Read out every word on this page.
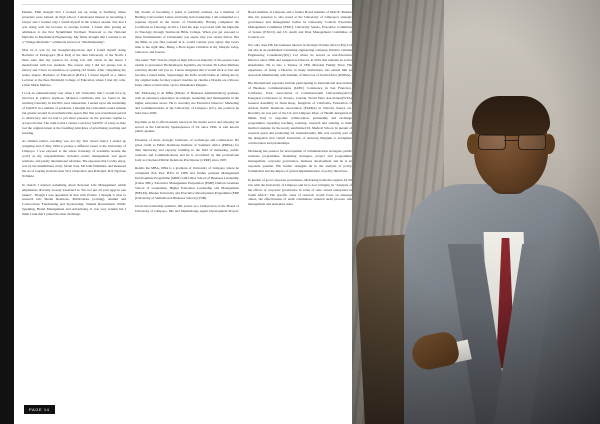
Phansk. Emil thought that I worked out up being at Stallberg where jeweelers were trained. At high school, I developed interest in becoming a lawyer and I wonder why I found myself in the science stream. Not that I was doing well but because in average format. I found after getting an admission to the first Nelumbium Northern Transvaal so the National Diploma in Mechanical Engineering. My father thought that I wanted to be a "Village Mechanic" commonly known as "Machinhauting".

May be it was by the thoughts/objections that I found myself doing Bachelor of Pedagogics (B.A Ped) at the then University of the North. I must state that my passion for doing law still exists in me hence I made/found with law students. The reason why I did not pursue law is history and I have no intention of opening old rituals. After completing my senior degree, Bachelor of Education (B.Ed.), I found myself as a Junior Lecturer at the then Mothaidji College of Education where I met my wife, Lilian Marie Mafoko.

I took an unintentionally tour when I left University that I would love by involved in politics anymore. Material conditions that we found in the teaching fraternity in late 80's were unbearable. I ended up in the leadership of SADTU in a number of positions. I thought my radicalism would subside but greater-eroded in an unbelievable speed. But that was transitional period to democracy and we had to put more pressure on the previous regime to accept reforms. The truth is that I cannot vouch for SADTU of today as they lost the original intent at the founding principles of prioritising teaching and learning.

As alluded earlier, teaching was not my first choice hence I ended up resigning end of May 1994 to pursue a different career at the University of Limpopo. I was exposed to the whole fraternity of academia around the world as my responsibilities included events management and guest relations, and purely international relations. The exposure that I today enjoy, was by the mindfulness of my fortuit boss, Mr John Wilkshire, and mastered the art of touring from the then Vice Chancellor and Principal, Prof Ngobole Nchitule.

In church I learned something about Personal Life Management which emphasizes diversity loosely translated as "Do not put all your eggs in one basket". Though I was appointed in that with Events, I thought it wise to research into Media Relations, Publications (writing), Alumni and Convocation, Fundraising and Sponsorship, Student Recruitment, Public Speaking, Brand Management and Advertising. It was very solemn but I think I said that I joined the then challenge.

My dream of becoming a priest is partially realised. As a member of Healing Convocation Centre and being in its leadership, I am compelled to a separate myself in the issues of Christianity. Having completed the Certificate in Theology in 2011, I had the urge to proceed with the Diploma in Theology through Teamwork Bible College. When you get exposed to these fundamentals of Christianity you aspire why you cannot fellow. But the Bible as you find yourself in it, would console your agony that God's time is the right time. Being a Born Again Christian is my lifestyle today, tomorrow and forever.

The name "MC" had its origin at high school as majority of the people were unable to pronounce Hodisamayan Kgolima, my brother Dr Lehan Muthola said they should call you so. I never imagined that it would stick so fast and become a brand name. Surprisingly the PoEs would blame in calling me by my original name for they respect troubles. In cinema a Ntapitu a.k.a Shoore Inner others would rather opt for Phashlele's Phagale.

MC Mofokeng is an MBA (Master of Business Administration) graduate with an extensive experience in strategic leadership and management in the higher education sector. He is currently the Executive Director: Marketing and Communications at the University of Limpopo (UL), the position he held since 2009.

Kgolima as he is affectionately known in the media sector and whereby he served as the University Spokesperson of UL since 1994, is well known public speaker.

Presenter of most, strategic facilitator of workshops and conferences. He gives credit to Public Relations Institute of Southern Africa (PRISA) for their mentoring and capacity building in the field of marketing, public relations and Communications and he is accredited by this professional body as Chartered Public Relations Practitioner (CPRP) since 1997.

Rendis the MBA, DBA is a graduate of University of Limpopo where he completed B.A Ped, B.Ed in 1989 and further pursued Management Development Programme (MDP) with Unisa School of Business Leadership (Unisa SBL), Executive Management Preparation (EMP) Durban Graduate School of Leadership, Higher Education Leadership and Management (HELM), Rhodes University and Executive Development Programme (EDP (University of Stellenbosch Business School) (USB).

Given his leadership qualities, DK serves as a Chairperson of the Board of University of Limpopo, DK and Mpumalanga Agent Development Project, Board member of Lifepark, and a former Board member of MACE. Besides this, his presence is also noted at the University of Limpopo's strategic governance and management bodies be University Council, Executive Management Committee (EMC), University Senate, Executive Committee of Senate (EXCO) and UL Audit and Risk Management Committee of Council, etc.

Not only does DK has business interest in Strategic Partner Africa (Pty) Ltd but also in an established consulting engineering company, Emdzvo Chinme Engineering Consultancy(Pty) Ltd where he served as non-Executive Director since 2006 and assigned as Director in 2019 that remains an active shareholder. He is also a Trustee of TEK Mofokla Family Trust. His experience of being a Director in many institutions, has earned him an Associate Membership with Institute of Directors of South Africa (IODSA).

His international exposure include participating in International Association of Business Communications (IABC) Conference in San Francisco, California, USA; Association of Commonwealth Universities(ACU) Inaugural Conference in Toronto, Canada, World Yatra Association(WYA) General Assembly in Siem Reap, Kingdom of Cambodia, Federation of African Public Relations Association (FAPRA) in Nairobi, Kenya etc. Recently, he was part of the UL and Limpopo Dept. of Health delegation in Milan, Italy to negotiate collaboration, partnership and exchange programmes regarding teaching, learning, research and training to main medical students for the newly established UL Medical School. In pursuit of research quest and promoting UL internationally, DK was recently part of the delegation that visited University of Antwerp Belgium to strengthen collaboration and partnerships.

Mofokeng has passion for development of communication strategies, public relations programmes, marketing strategies, project and programmes management, corporate governance, business development and he is an exponent panelist. His further strengths lie in the analysis of policy formulation and the impact of global implementation of policy directives.

In pursuit of good corporate governance, Mofokeng holds the register for ID law with the University of Limpopo and he is now bringing its "Analysis of the effects of corporate governance in value of state owned enterprises in South Africa". His specific areas of research would focus on amongst others, the effectiveness of audit committees, internal audit process, risk management and enterprise risks.

PAGE 14
